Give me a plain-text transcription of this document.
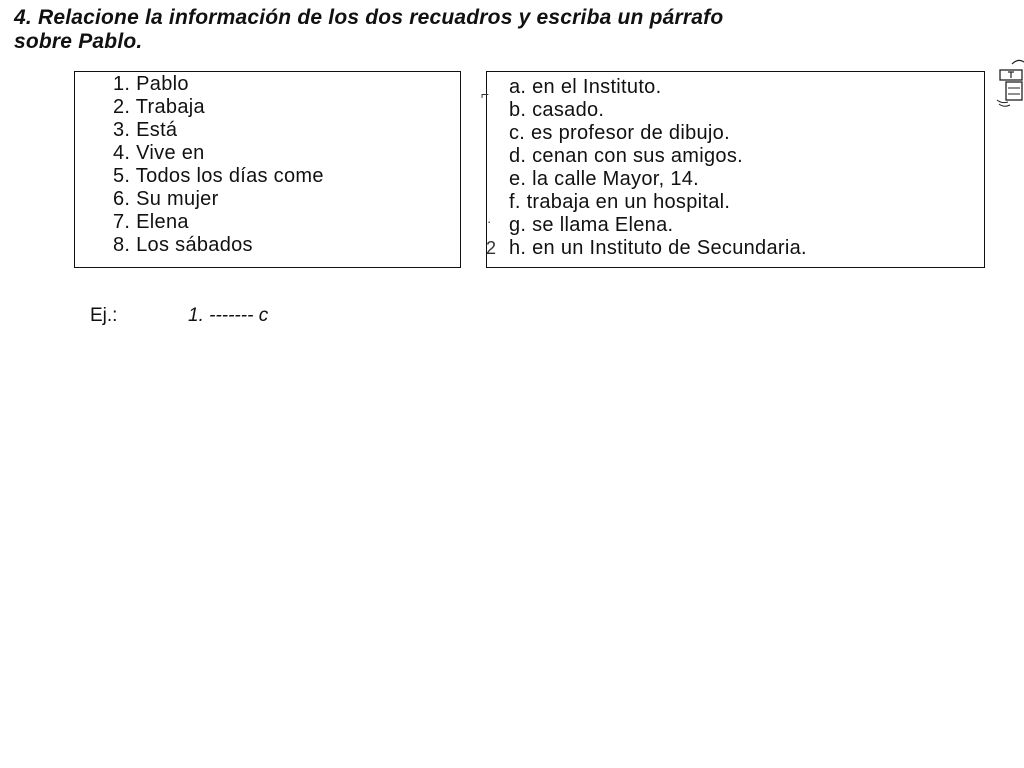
4. Relacione la información de los dos recuadros y escriba un párrafo
sobre Pablo.
1. Pablo
2. Trabaja
3. Está
4. Vive en
5. Todos los días come
6. Su mujer
7. Elena
8. Los sábados
a. en el Instituto.
b. casado.
c. es profesor de dibujo.
d. cenan con sus amigos.
e. la calle Mayor, 14.
f. trabaja en un hospital.
g. se llama Elena.
h. en un Instituto de Secundaria.
⌐
·
2
Ej.:	1. ------- c
